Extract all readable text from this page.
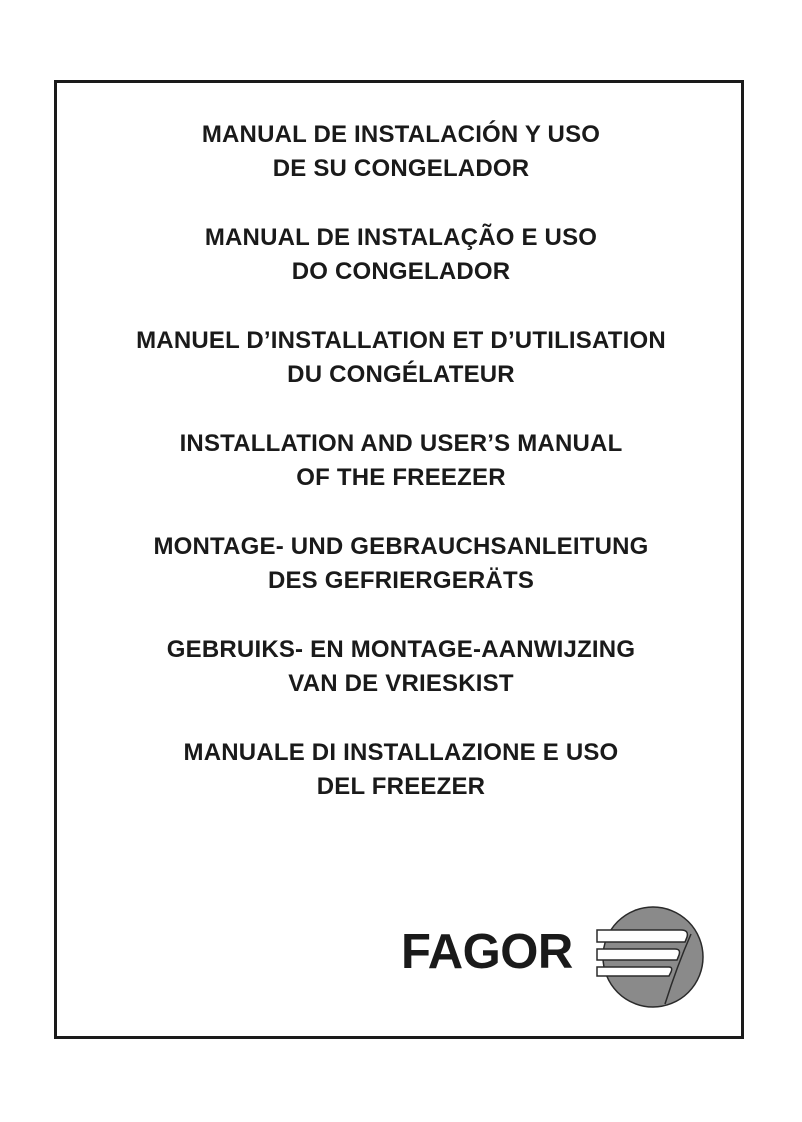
MANUAL DE INSTALACIÓN Y USO
DE SU CONGELADOR
MANUAL DE INSTALAÇÃO E USO
DO CONGELADOR
MANUEL D’INSTALLATION ET D’UTILISATION
DU CONGÉLATEUR
INSTALLATION AND USER’S MANUAL
OF THE FREEZER
MONTAGE- UND GEBRAUCHSANLEITUNG
DES GEFRIERGERÄTS
GEBRUIKS- EN MONTAGE-AANWIJZING
VAN DE VRIESKIST
MANUALE DI INSTALLAZIONE E USO
DEL FREEZER
FAGOR
